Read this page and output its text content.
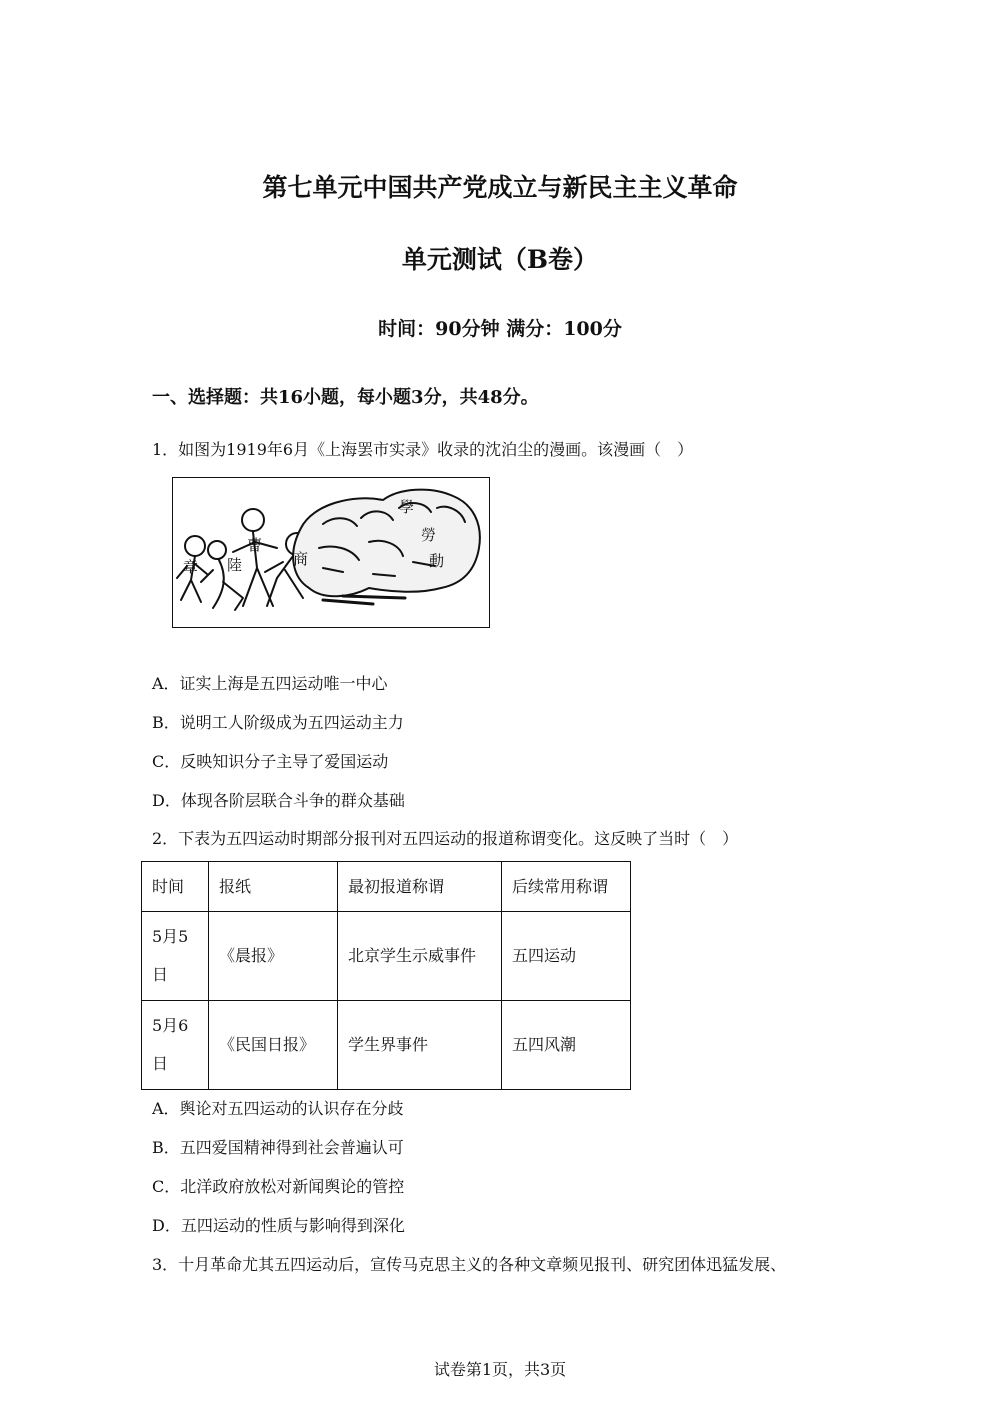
第七单元中国共产党成立与新民主主义革命
单元测试（B卷）
时间：90分钟 满分：100分
一、选择题：共16小题，每小题3分，共48分。
1．如图为1919年6月《上海罢市实录》收录的沈泊尘的漫画。该漫画（　）
章 陸
曹
商
學
勞
動
A．证实上海是五四运动唯一中心
B．说明工人阶级成为五四运动主力
C．反映知识分子主导了爱国运动
D．体现各阶层联合斗争的群众基础
2．下表为五四运动时期部分报刊对五四运动的报道称谓变化。这反映了当时（　）
时间	报纸	最初报道称谓	后续常用称谓
5月5日	《晨报》	北京学生示威事件	五四运动
5月6日	《民国日报》	学生界事件	五四风潮
A．舆论对五四运动的认识存在分歧
B．五四爱国精神得到社会普遍认可
C．北洋政府放松对新闻舆论的管控
D．五四运动的性质与影响得到深化
3．十月革命尤其五四运动后，宣传马克思主义的各种文章频见报刊、研究团体迅猛发展、
试卷第1页，共3页
